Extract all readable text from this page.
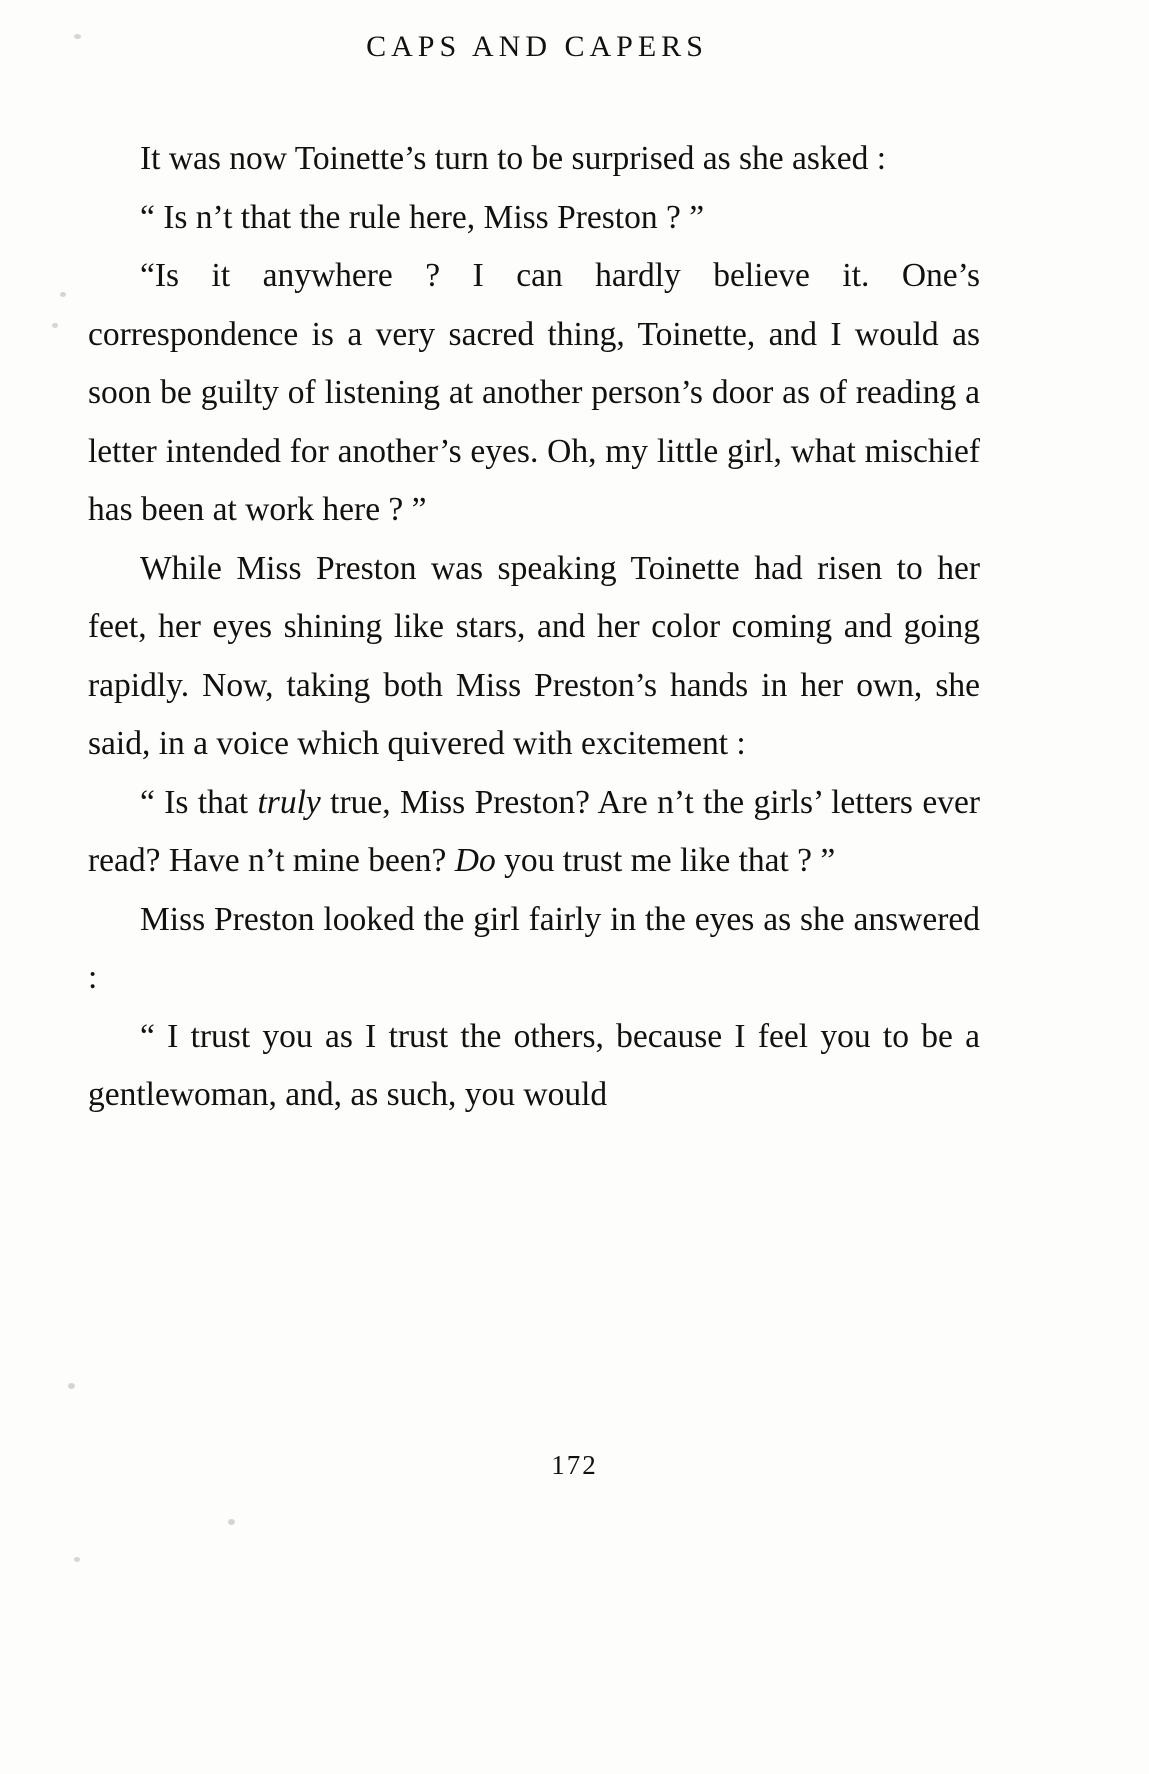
CAPS AND CAPERS

It was now Toinette’s turn to be surprised as she asked :

“ Is n’t that the rule here, Miss Preston ? ”

“Is it anywhere ? I can hardly believe it. One’s correspondence is a very sacred thing, Toinette, and I would as soon be guilty of listening at another person’s door as of reading a letter intended for another’s eyes. Oh, my little girl, what mischief has been at work here ? ”

While Miss Preston was speaking Toinette had risen to her feet, her eyes shining like stars, and her color coming and going rapidly. Now, taking both Miss Preston’s hands in her own, she said, in a voice which quivered with excitement :

“ Is that truly true, Miss Preston? Are n’t the girls’ letters ever read? Have n’t mine been? Do you trust me like that ? ”

Miss Preston looked the girl fairly in the eyes as she answered :

“ I trust you as I trust the others, because I feel you to be a gentlewoman, and, as such, you would

172
